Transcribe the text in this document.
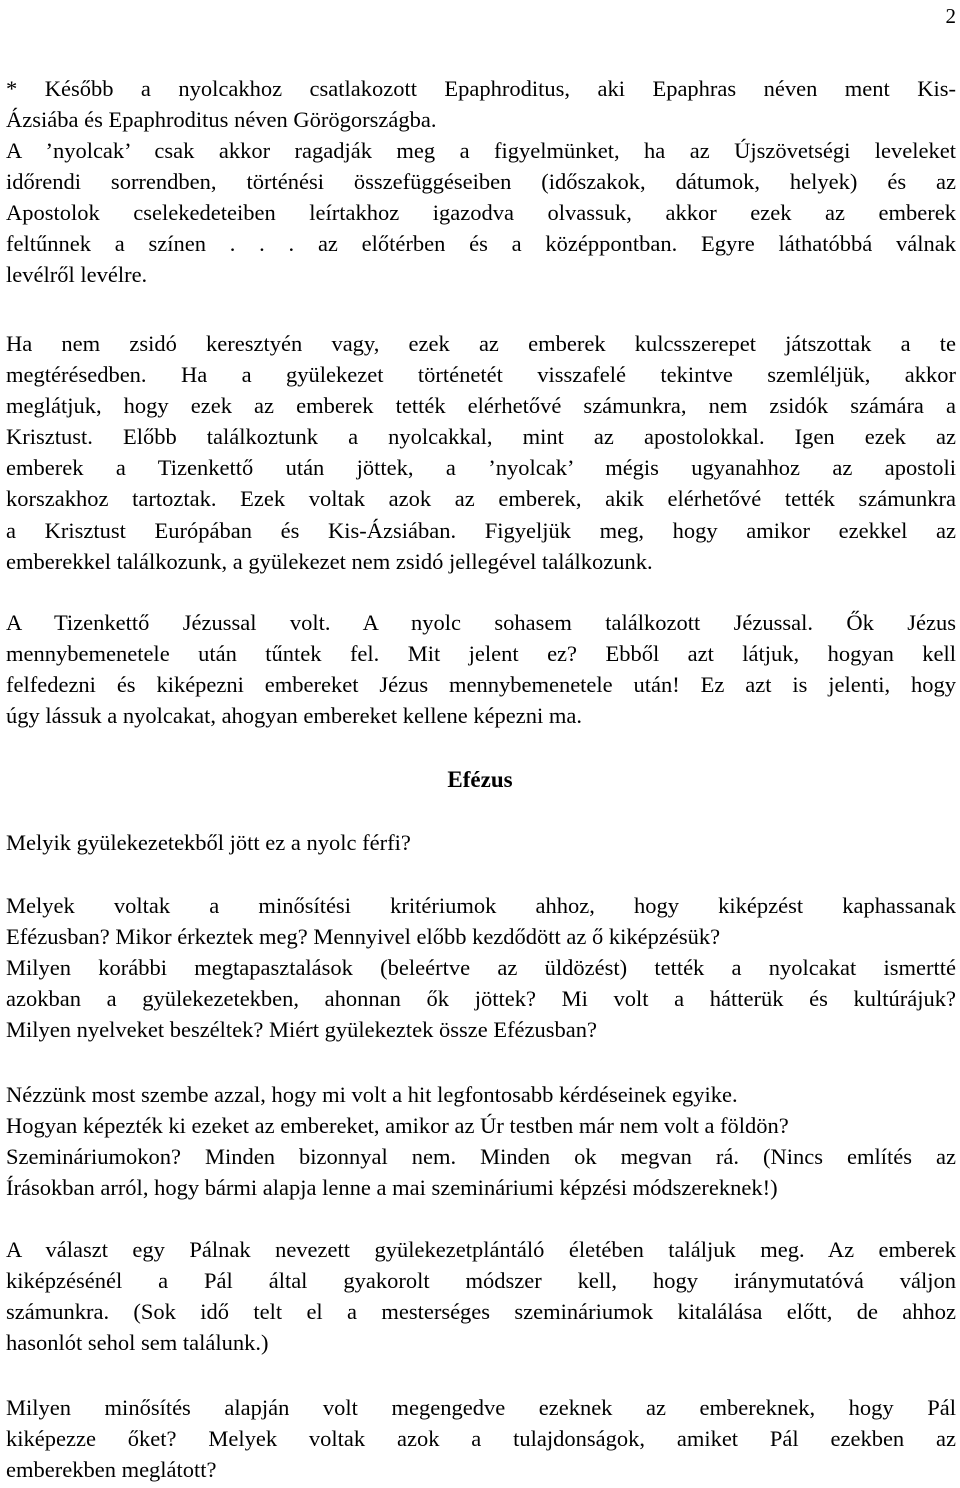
2
* Később a nyolcakhoz csatlakozott Epaphroditus, aki Epaphras néven ment Kis-
Ázsiába és Epaphroditus néven Görögországba.
A ’nyolcak’ csak akkor ragadják meg a figyelmünket, ha az Újszövetségi leveleket
időrendi sorrendben, történési összefüggéseiben (időszakok, dátumok, helyek) és az
Apostolok cselekedeteiben leírtakhoz igazodva olvassuk, akkor ezek az emberek
feltűnnek a színen . . . az előtérben és a középpontban. Egyre láthatóbbá válnak
levélről levélre.
Ha nem zsidó keresztyén vagy, ezek az emberek kulcsszerepet játszottak a te
megtérésedben. Ha a gyülekezet történetét visszafelé tekintve szemléljük, akkor
meglátjuk, hogy ezek az emberek tették elérhetővé számunkra, nem zsidók számára a
Krisztust. Előbb találkoztunk a nyolcakkal, mint az apostolokkal. Igen ezek az
emberek a Tizenkettő után jöttek, a ’nyolcak’ mégis ugyanahhoz az apostoli
korszakhoz tartoztak. Ezek voltak azok az emberek, akik elérhetővé tették számunkra
a Krisztust Európában és Kis-Ázsiában. Figyeljük meg, hogy amikor ezekkel az
emberekkel találkozunk, a gyülekezet nem zsidó jellegével találkozunk.
A Tizenkettő Jézussal volt. A nyolc sohasem találkozott Jézussal. Ők Jézus
mennybemenetele után tűntek fel. Mit jelent ez? Ebből azt látjuk, hogyan kell
felfedezni és kiképezni embereket Jézus mennybemenetele után! Ez azt is jelenti, hogy
úgy lássuk a nyolcakat, ahogyan embereket kellene képezni ma.
Efézus
Melyik gyülekezetekből jött ez a nyolc férfi?
Melyek voltak a minősítési kritériumok ahhoz, hogy kiképzést kaphassanak
Efézusban? Mikor érkeztek meg? Mennyivel előbb kezdődött az ő kiképzésük?
Milyen korábbi megtapasztalások (beleértve az üldözést) tették a nyolcakat ismertté
azokban a gyülekezetekben, ahonnan ők jöttek? Mi volt a hátterük és kultúrájuk?
Milyen nyelveket beszéltek? Miért gyülekeztek össze Efézusban?
Nézzünk most szembe azzal, hogy mi volt a hit legfontosabb kérdéseinek egyike.
Hogyan képezték ki ezeket az embereket, amikor az Úr testben már nem volt a földön?
Szemináriumokon? Minden bizonnyal nem. Minden ok megvan rá. (Nincs említés az
Írásokban arról, hogy bármi alapja lenne a mai szemináriumi képzési módszereknek!)
A választ egy Pálnak nevezett gyülekezetplántáló életében találjuk meg. Az emberek
kiképzésénél a Pál által gyakorolt módszer kell, hogy iránymutatóvá váljon
számunkra. (Sok idő telt el a mesterséges szemináriumok kitalálása előtt, de ahhoz
hasonlót sehol sem találunk.)
Milyen minősítés alapján volt megengedve ezeknek az embereknek, hogy Pál
kiképezze őket? Melyek voltak azok a tulajdonságok, amiket Pál ezekben az
emberekben meglátott?
